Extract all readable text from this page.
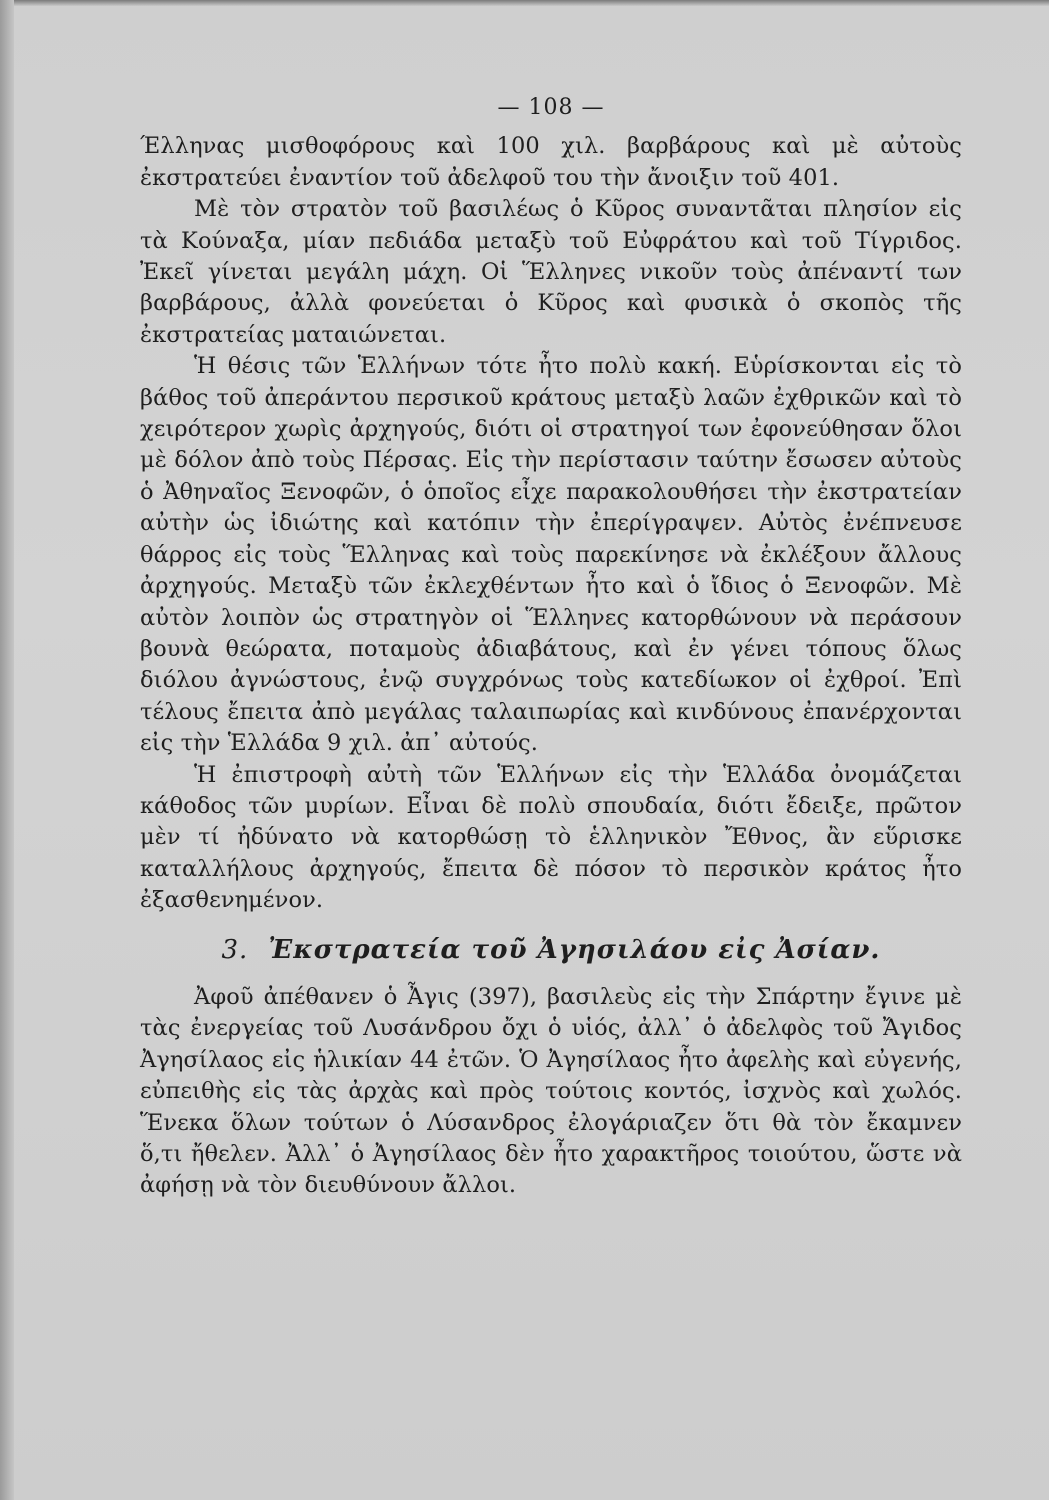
— 108 —

Έλληνας μισθοφόρους καὶ 100 χιλ. βαρβάρους καὶ μὲ αὐτοὺς ἐκστρατεύει ἐναντίον τοῦ ἀδελφοῦ του τὴν ἄνοιξιν τοῦ 401.

Μὲ τὸν στρατὸν τοῦ βασιλέως ὁ Κῦρος συναντᾶται πλησίον εἰς τὰ Κούναξα, μίαν πεδιάδα μεταξὺ τοῦ Εὐφράτου καὶ τοῦ Τίγριδος. Ἐκεῖ γίνεται μεγάλη μάχη. Οἱ Ἕλληνες νικοῦν τοὺς ἀπέναντί των βαρβάρους, ἀλλὰ φονεύεται ὁ Κῦρος καὶ φυσικὰ ὁ σκοπὸς τῆς ἐκστρατείας ματαιώνεται.

Ἡ θέσις τῶν Ἑλλήνων τότε ἦτο πολὺ κακή. Εὑρίσκονται εἰς τὸ βάθος τοῦ ἀπεράντου περσικοῦ κράτους μεταξὺ λαῶν ἐχθρικῶν καὶ τὸ χειρότερον χωρὶς ἀρχηγούς, διότι οἱ στρατηγοί των ἐφονεύθησαν ὅλοι μὲ δόλον ἀπὸ τοὺς Πέρσας. Εἰς τὴν περίστασιν ταύτην ἔσωσεν αὐτοὺς ὁ Ἀθηναῖος Ξενοφῶν, ὁ ὁποῖος εἶχε παρακολουθήσει τὴν ἐκστρατείαν αὐτὴν ὡς ἰδιώτης καὶ κατόπιν τὴν ἐπερίγραψεν. Αὐτὸς ἐνέπνευσε θάρρος εἰς τοὺς Ἕλληνας καὶ τοὺς παρεκίνησε νὰ ἐκλέξουν ἄλλους ἀρχηγούς. Μεταξὺ τῶν ἐκλεχθέντων ἦτο καὶ ὁ ἴδιος ὁ Ξενοφῶν. Μὲ αὐτὸν λοιπὸν ὡς στρατηγὸν οἱ Ἕλληνες κατορθώνουν νὰ περάσουν βουνὰ θεώρατα, ποταμοὺς ἀδιαβάτους, καὶ ἐν γένει τόπους ὅλως διόλου ἀγνώστους, ἐνῷ συγχρόνως τοὺς κατεδίωκον οἱ ἐχθροί. Ἐπὶ τέλους ἔπειτα ἀπὸ μεγάλας ταλαιπωρίας καὶ κινδύνους ἐπανέρχονται εἰς τὴν Ἑλλάδα 9 χιλ. ἀπ᾿ αὐτούς.

Ἡ ἐπιστροφὴ αὐτὴ τῶν Ἑλλήνων εἰς τὴν Ἑλλάδα ὀνομάζεται κάθοδος τῶν μυρίων. Εἶναι δὲ πολὺ σπουδαία, διότι ἔδειξε, πρῶτον μὲν τί ἠδύνατο νὰ κατορθώσῃ τὸ ἑλληνικὸν Ἔθνος, ἂν εὕρισκε καταλλήλους ἀρχηγούς, ἔπειτα δὲ πόσον τὸ περσικὸν κράτος ἦτο ἐξασθενημένον.

3. Ἐκστρατεία τοῦ Ἀγησιλάου εἰς Ἀσίαν.

Ἀφοῦ ἀπέθανεν ὁ Ἆγις (397), βασιλεὺς εἰς τὴν Σπάρτην ἔγινε μὲ τὰς ἐνεργείας τοῦ Λυσάνδρου ὄχι ὁ υἱός, ἀλλ᾿ ὁ ἀδελφὸς τοῦ Ἄγιδος Ἀγησίλαος εἰς ἡλικίαν 44 ἐτῶν. Ὁ Ἀγησίλαος ἦτο ἀφελὴς καὶ εὐγενής, εὐπειθὴς εἰς τὰς ἀρχὰς καὶ πρὸς τούτοις κοντός, ἰσχνὸς καὶ χωλός. Ἕνεκα ὅλων τούτων ὁ Λύσανδρος ἐλογάριαζεν ὅτι θὰ τὸν ἔκαμνεν ὅ,τι ἤθελεν. Ἀλλ᾿ ὁ Ἀγησίλαος δὲν ἦτο χαρακτῆρος τοιούτου, ὥστε νὰ ἀφήσῃ νὰ τὸν διευθύνουν ἄλλοι.
